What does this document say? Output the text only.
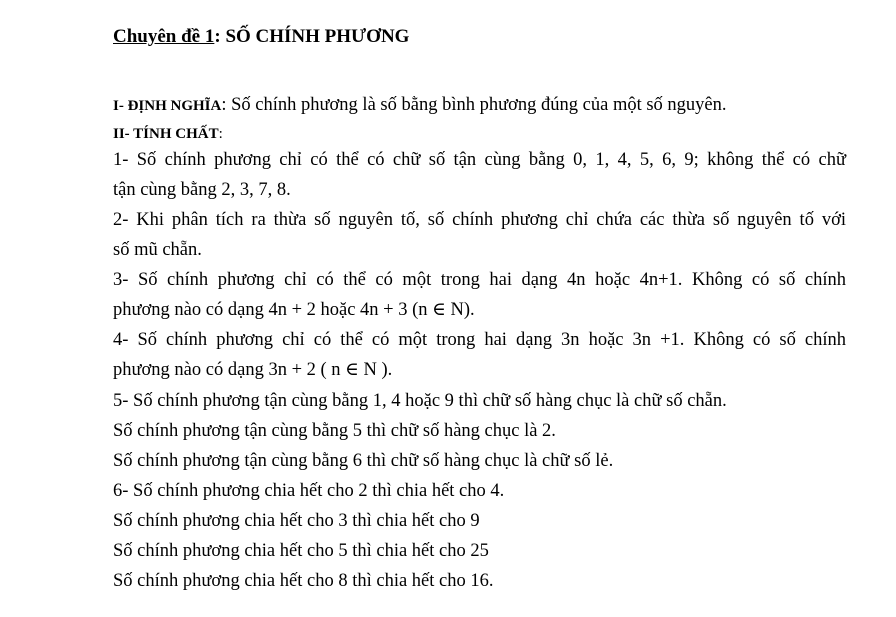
Chuyên đề 1: SỐ CHÍNH PHƯƠNG
I- ĐỊNH NGHĨA: Số chính phương là số bằng bình phương đúng của một số nguyên.
II- TÍNH CHẤT:
1- Số chính phương chỉ có thể có chữ số tận cùng bằng 0, 1, 4, 5, 6, 9; không thể có chữ
tận cùng bằng 2, 3, 7, 8.
2- Khi phân tích ra thừa số nguyên tố, số chính phương chỉ chứa các thừa số nguyên tố với
số mũ chẵn.
3- Số chính phương chỉ có thể có một trong hai dạng 4n hoặc 4n+1. Không có số chính
phương nào có dạng 4n + 2 hoặc 4n + 3 (n ∈ N).
4- Số chính phương chỉ có thể có một trong hai dạng 3n hoặc 3n +1. Không có số chính
phương nào có dạng 3n + 2 ( n ∈ N ).
5- Số chính phương tận cùng bằng 1, 4 hoặc 9 thì chữ số hàng chục là chữ số chẵn.
Số chính phương tận cùng bằng 5 thì chữ số hàng chục là 2.
Số chính phương tận cùng bằng 6 thì chữ số hàng chục là chữ số lẻ.
6- Số chính phương chia hết cho 2 thì chia hết cho 4.
Số chính phương chia hết cho 3 thì chia hết cho 9
Số chính phương chia hết cho 5 thì chia hết cho 25
Số chính phương chia hết cho 8 thì chia hết cho 16.
